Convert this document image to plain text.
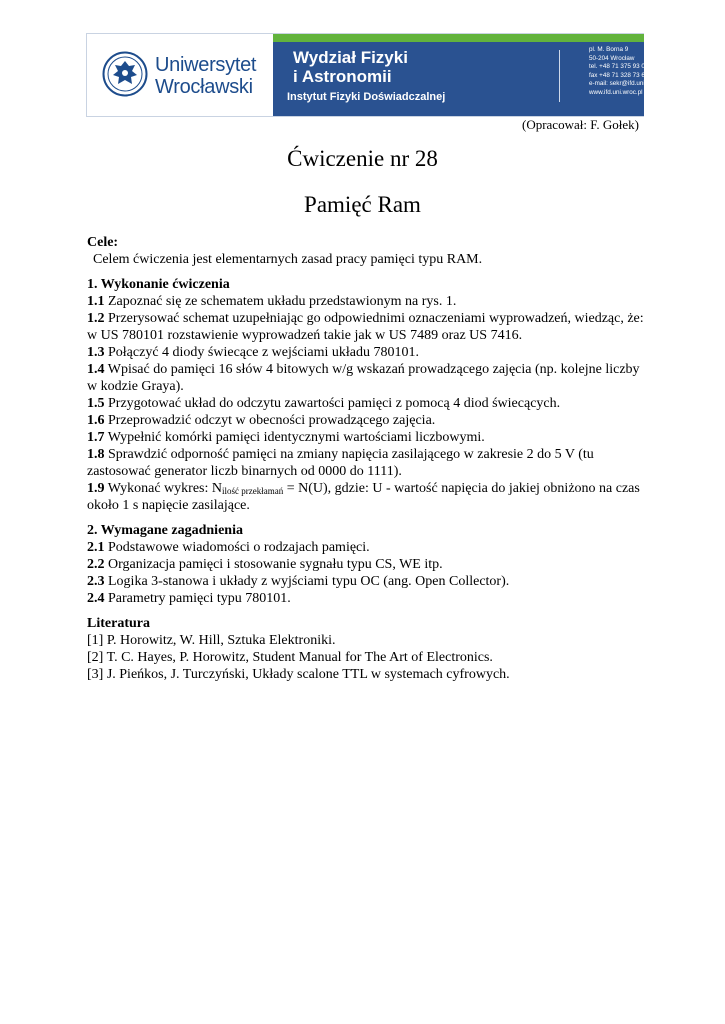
Uniwersytet
Wrocławski
Wydział Fizyki
i Astronomii
Instytut Fizyki Doświadczalnej
pl. M. Borna 9
50-204 Wrocław
tel. +48 71 375 93 02, +48 71 328 73 65
fax +48 71 328 73 65
e-mail: sekr@ifd.uni.wroc.pl
www.ifd.uni.wroc.pl
(Opracował: F. Gołek)
Ćwiczenie nr 28
Pamięć Ram

Cele:

Celem ćwiczenia jest elementarnych zasad pracy pamięci typu RAM.

1. Wykonanie ćwiczenia

1.1 Zapoznać się ze schematem układu przedstawionym na rys. 1.

1.2 Przerysować schemat uzupełniając go odpowiednimi oznaczeniami wyprowadzeń, wiedząc, że: w US 780101 rozstawienie wyprowadzeń takie jak w US 7489 oraz US 7416.

1.3 Połączyć 4 diody świecące z wejściami układu 780101.

1.4 Wpisać do pamięci 16 słów 4 bitowych w/g wskazań prowadzącego zajęcia (np. kolejne liczby w kodzie Graya).

1.5 Przygotować układ do odczytu zawartości pamięci z pomocą 4 diod świecących.

1.6 Przeprowadzić odczyt w obecności prowadzącego zajęcia.

1.7 Wypełnić komórki pamięci identycznymi wartościami liczbowymi.

1.8 Sprawdzić odporność pamięci na zmiany napięcia zasilającego w zakresie 2 do 5 V (tu zastosować generator liczb binarnych od 0000 do 1111).

1.9 Wykonać wykres: $N_{ilość przekłamań} = N(U)$, gdzie: U - wartość napięcia do jakiej obniżono na czas około 1 s napięcie zasilające.

2. Wymagane zagadnienia

2.1 Podstawowe wiadomości o rodzajach pamięci.

2.2 Organizacja pamięci i stosowanie sygnału typu CS, WE itp.

2.3 Logika 3-stanowa i układy z wyjściami typu OC (ang. Open Collector).

2.4 Parametry pamięci typu 780101.

Literatura

[1] P. Horowitz, W. Hill, Sztuka Elektroniki.

[2] T. C. Hayes, P. Horowitz, Student Manual for The Art of Electronics.

[3] J. Pieńkos, J. Turczyński, Układy scalone TTL w systemach cyfrowych.
